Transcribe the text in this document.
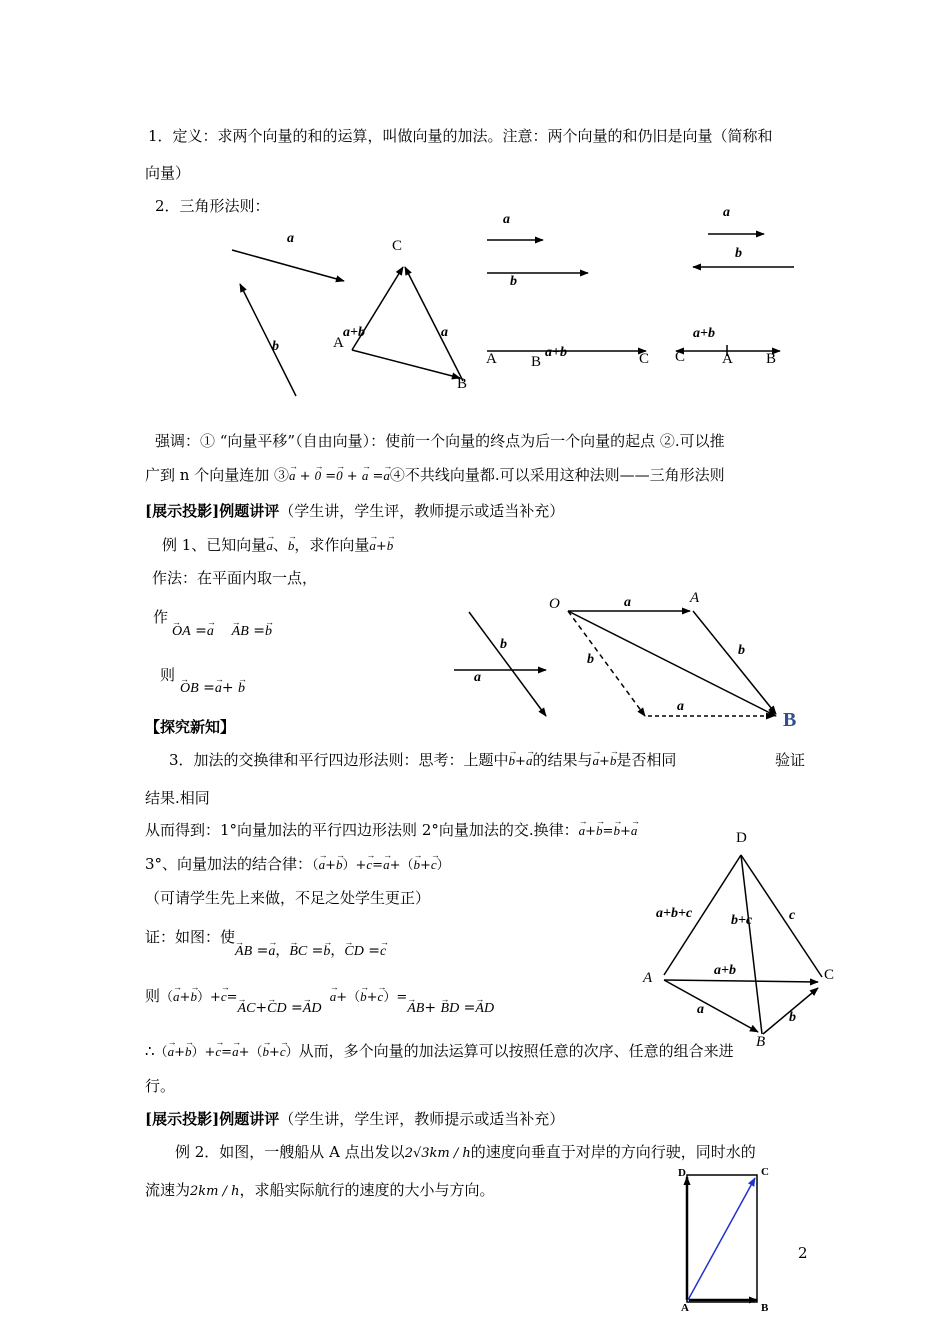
1．定义：求两个向量的和的运算，叫做向量的加法。注意：两个向量的和仍旧是向量（简称和
向量）
2．三角形法则：
a
b
C
A
B
a+b	a
a
b
A B
a+b	C
a
b
a+b
C A B
强调：① “向量平移”（自由向量）：使前一个向量的终点为后一个向量的起点 ②.可以推
广到 n 个向量连加 ③→ a + → 0 =→ 0 + → a =→ a④不共线向量都.可以采用这种法则——三角形法则
[展示投影]例题讲评（学生讲，学生评，教师提示或适当补充）
例 1、已知向量→ a、→ b，求作向量→ a+→ b
作法：在平面内取一点，
作
→ OA =→ a    → AB =→ b
则
→ OB =→ a+ → b
b
a
O	A
a
b
b
a
B
【探究新知】
3．加法的交换律和平行四边形法则：思考：上题中→ b+→ a的结果与→ a+→ b是否相同	验证
结果.相同
从而得到：1°向量加法的平行四边形法则 2°向量加法的交.换律：→ a+→ b=→ b+→ a
3°、向量加法的结合律：（→ a+→ b）+→ c=→ a+（→ b+→ c）
（可请学生先上来做，不足之处学生更正）
证：如图：使→ AB =→ a，→ BC =→ b，→ CD =→ c
则（→ a+→ b）+→ c=→ AC+→ CD =→ AD  → a+（→ b+→ c）=→ AB+ → BD =→ AD
∴（→ a+→ b）+→ c=→ a+（→ b+→ c）从而，多个向量的加法运算可以按照任意的次序、任意的组合来进
行。
D
a+b+c	b+c	c
A	a+b	C
a
b
B
[展示投影]例题讲评（学生讲，学生评，教师提示或适当补充）
例 2．如图，一艘船从 A 点出发以2√3km / h的速度向垂直于对岸的方向行驶，同时水的
流速为2km / h，求船实际航行的速度的大小与方向。
D	C
A	B
2
